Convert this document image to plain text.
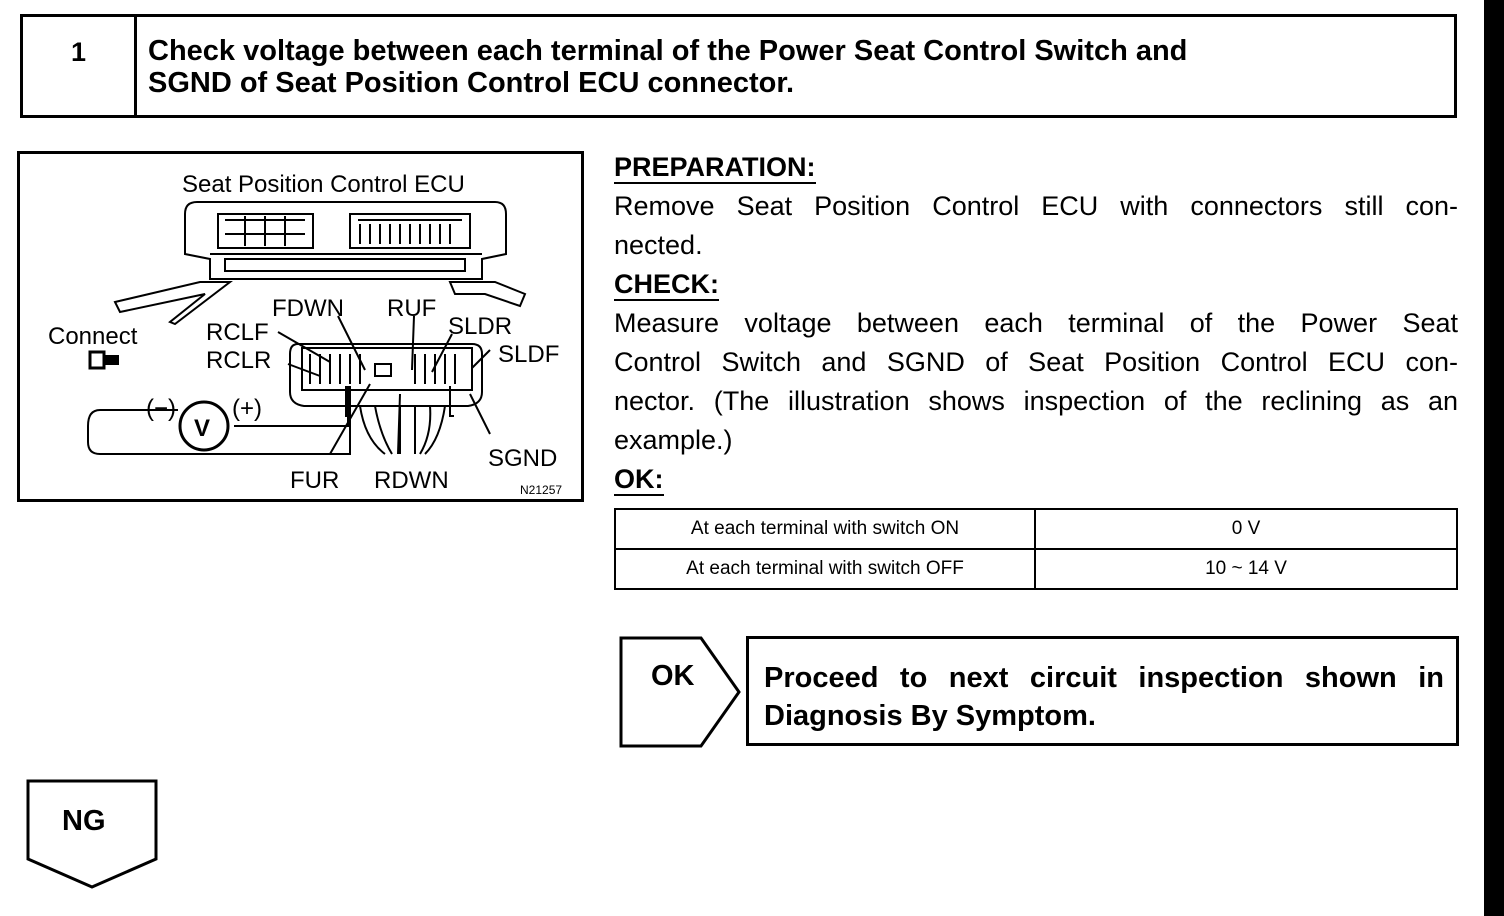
1	Check voltage between each terminal of the Power Seat Control Switch and
SGND of Seat Position Control ECU connector.
Seat Position Control ECU
Connect
(−) (+)
V
FDWN RUF
SLDR
RCLF
SLDF
RCLR
SGND
FUR RDWN	N21257
PREPARATION:
Remove Seat Position Control ECU with connectors still con-
nected.
CHECK:
Measure voltage between each terminal of the Power Seat
Control Switch and SGND of Seat Position Control ECU con-
nector. (The illustration shows inspection of the reclining as an
example.)
OK:
At each terminal with switch ON	0 V
At each terminal with switch OFF	10 ~ 14 V
OK Proceed to next circuit inspection shown in
Diagnosis By Symptom.
NG
